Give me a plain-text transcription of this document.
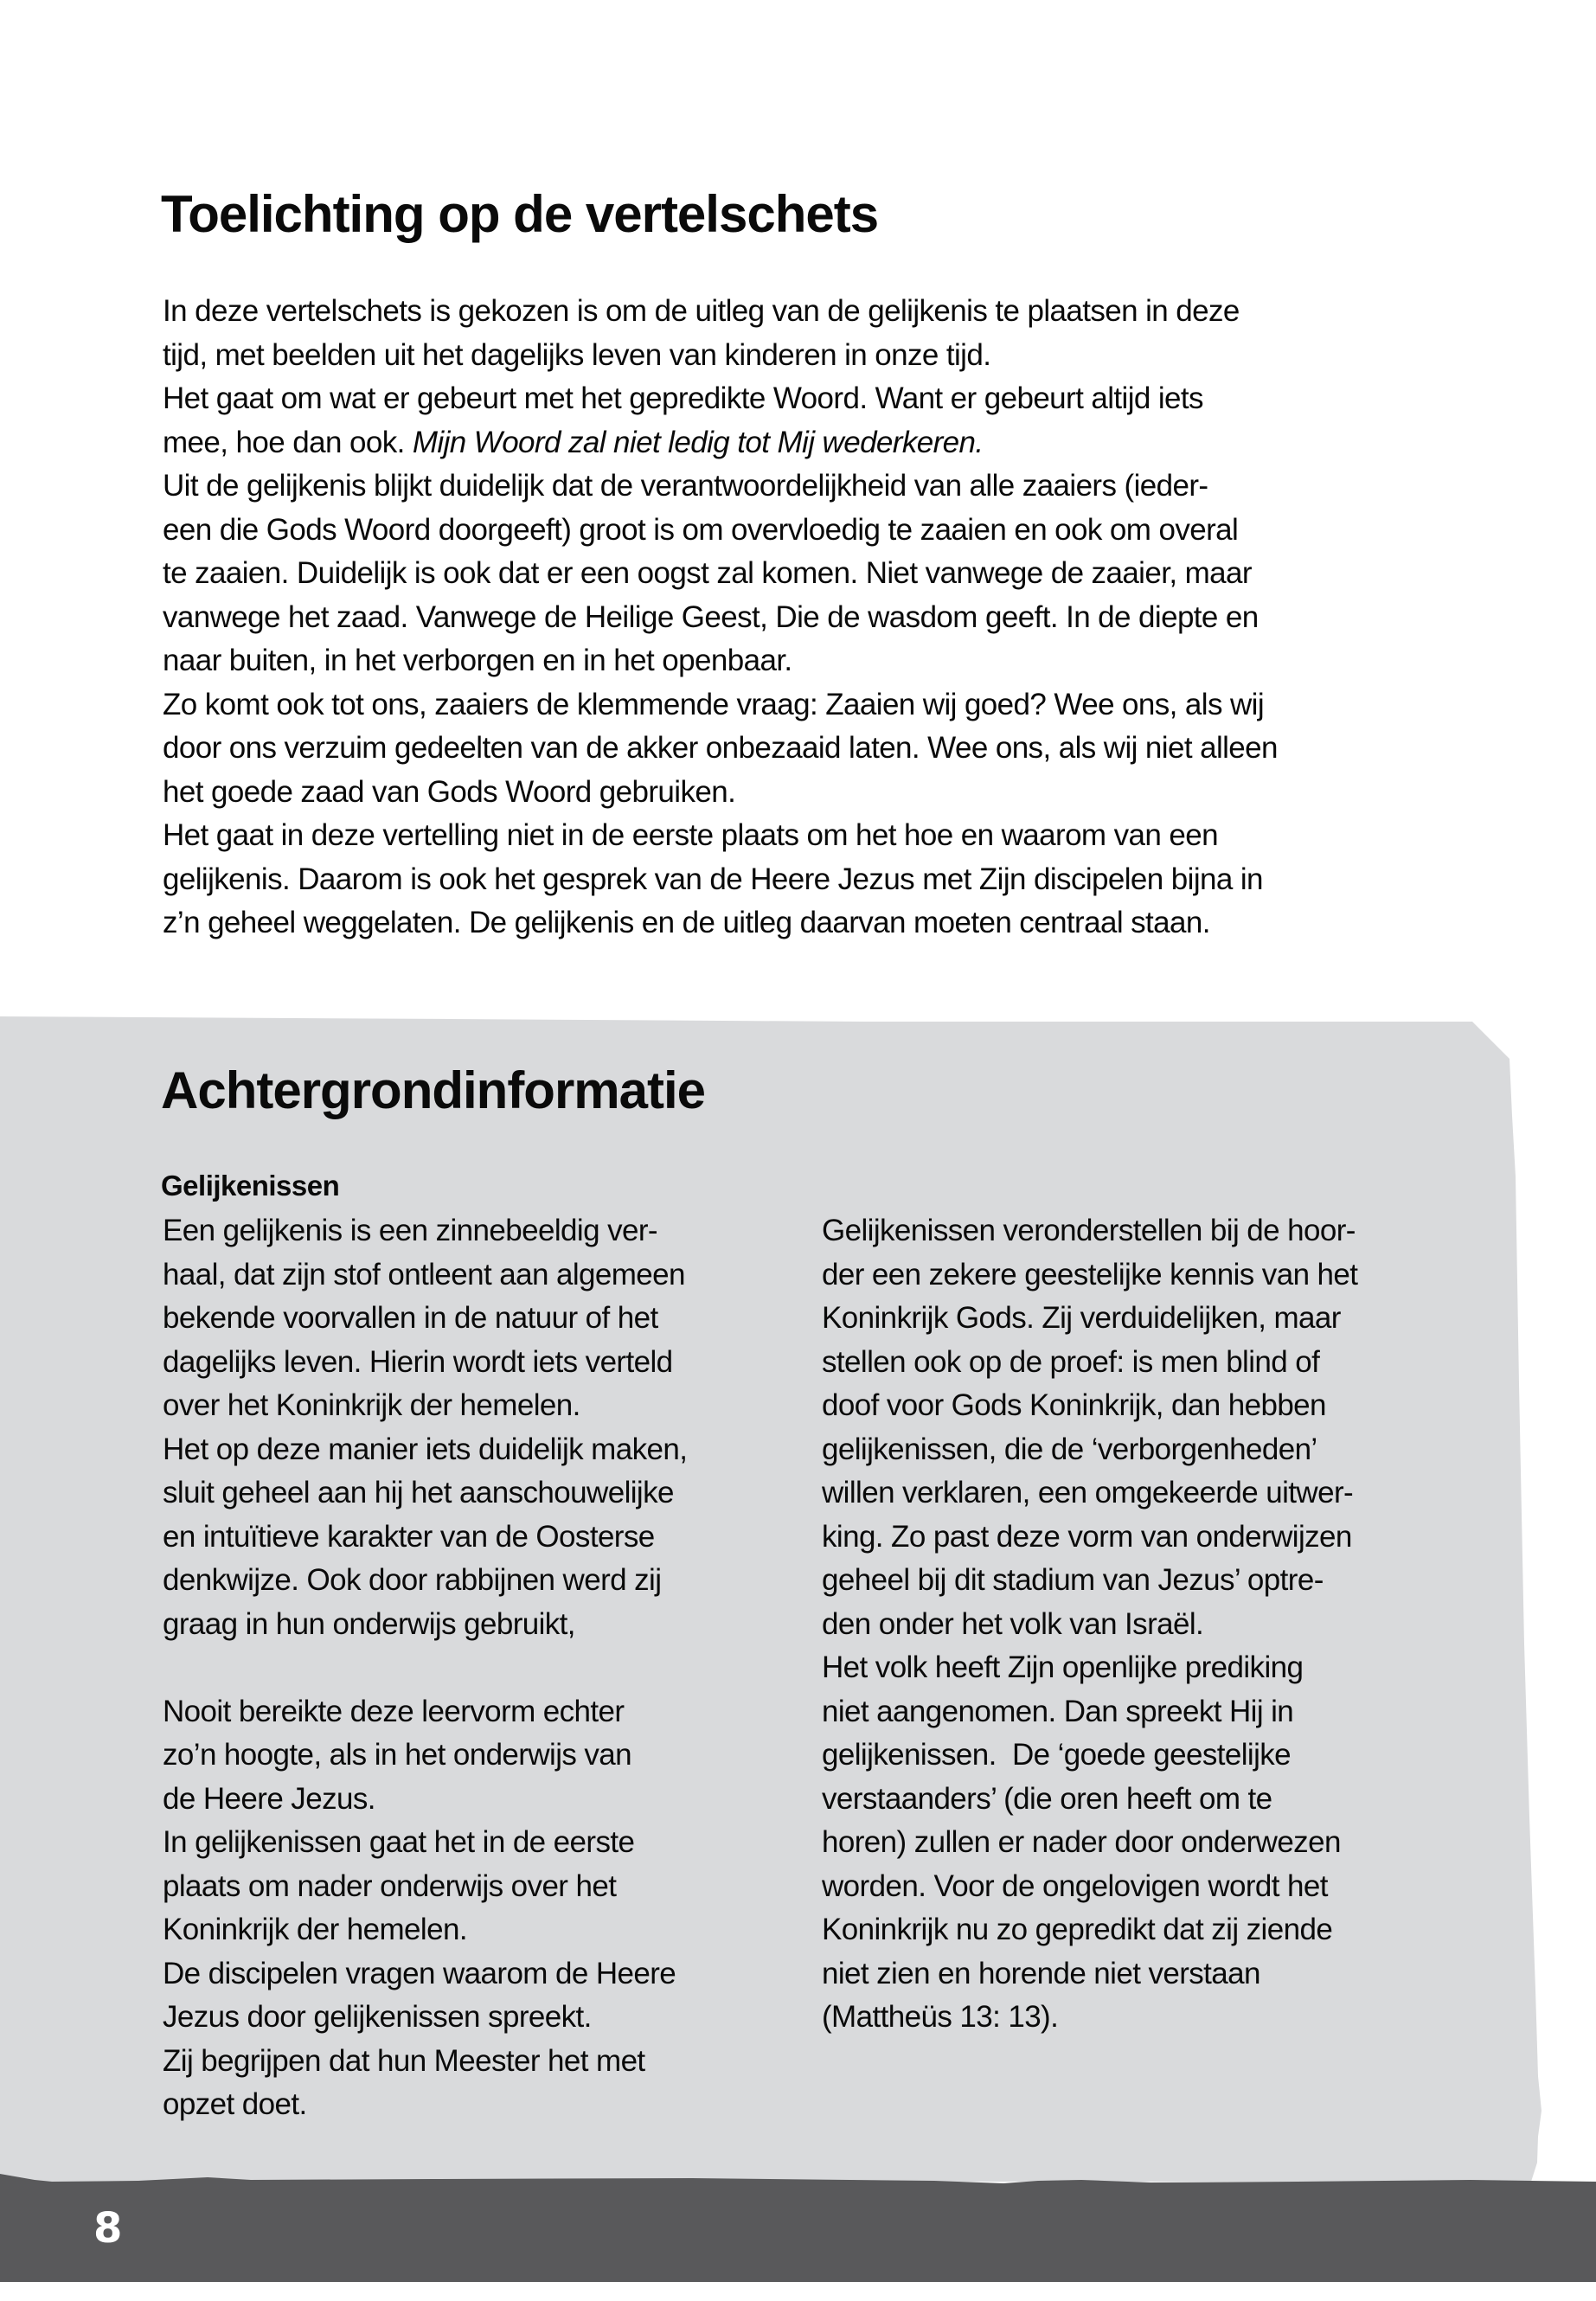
Toelichting op de vertelschets
In deze vertelschets is gekozen is om de uitleg van de gelijkenis te plaatsen in deze
tijd, met beelden uit het dagelijks leven van kinderen in onze tijd.
Het gaat om wat er gebeurt met het gepredikte Woord. Want er gebeurt altijd iets
mee, hoe dan ook. Mijn Woord zal niet ledig tot Mij wederkeren.
Uit de gelijkenis blijkt duidelijk dat de verantwoordelijkheid van alle zaaiers (ieder-
een die Gods Woord doorgeeft) groot is om overvloedig te zaaien en ook om overal
te zaaien. Duidelijk is ook dat er een oogst zal komen. Niet vanwege de zaaier, maar
vanwege het zaad. Vanwege de Heilige Geest, Die de wasdom geeft. In de diepte en
naar buiten, in het verborgen en in het openbaar.
Zo komt ook tot ons, zaaiers de klemmende vraag: Zaaien wij goed? Wee ons, als wij
door ons verzuim gedeelten van de akker onbezaaid laten. Wee ons, als wij niet alleen
het goede zaad van Gods Woord gebruiken.
Het gaat in deze vertelling niet in de eerste plaats om het hoe en waarom van een
gelijkenis. Daarom is ook het gesprek van de Heere Jezus met Zijn discipelen bijna in
z’n geheel weggelaten. De gelijkenis en de uitleg daarvan moeten centraal staan.
Achtergrondinformatie
Gelijkenissen
Een gelijkenis is een zinnebeeldig ver-
haal, dat zijn stof ontleent aan algemeen
bekende voorvallen in de natuur of het
dagelijks leven. Hierin wordt iets verteld
over het Koninkrijk der hemelen.
Het op deze manier iets duidelijk maken,
sluit geheel aan hij het aanschouwelijke
en intuïtieve karakter van de Oosterse
denkwijze. Ook door rabbijnen werd zij
graag in hun onderwijs gebruikt,
Nooit bereikte deze leervorm echter
zo’n hoogte, als in het onderwijs van
de Heere Jezus.
In gelijkenissen gaat het in de eerste
plaats om nader onderwijs over het
Koninkrijk der hemelen.
De discipelen vragen waarom de Heere
Jezus door gelijkenissen spreekt.
Zij begrijpen dat hun Meester het met
opzet doet.
Gelijkenissen veronderstellen bij de hoor-
der een zekere geestelijke kennis van het
Koninkrijk Gods. Zij verduidelijken, maar
stellen ook op de proef: is men blind of
doof voor Gods Koninkrijk, dan hebben
gelijkenissen, die de ‘verborgenheden’
willen verklaren, een omgekeerde uitwer-
king. Zo past deze vorm van onderwijzen
geheel bij dit stadium van Jezus’ optre-
den onder het volk van Israël.
Het volk heeft Zijn openlijke prediking
niet aangenomen. Dan spreekt Hij in
gelijkenissen.  De ‘goede geestelijke
verstaanders’ (die oren heeft om te
horen) zullen er nader door onderwezen
worden. Voor de ongelovigen wordt het
Koninkrijk nu zo gepredikt dat zij ziende
niet zien en horende niet verstaan
(Mattheüs 13: 13).
8
